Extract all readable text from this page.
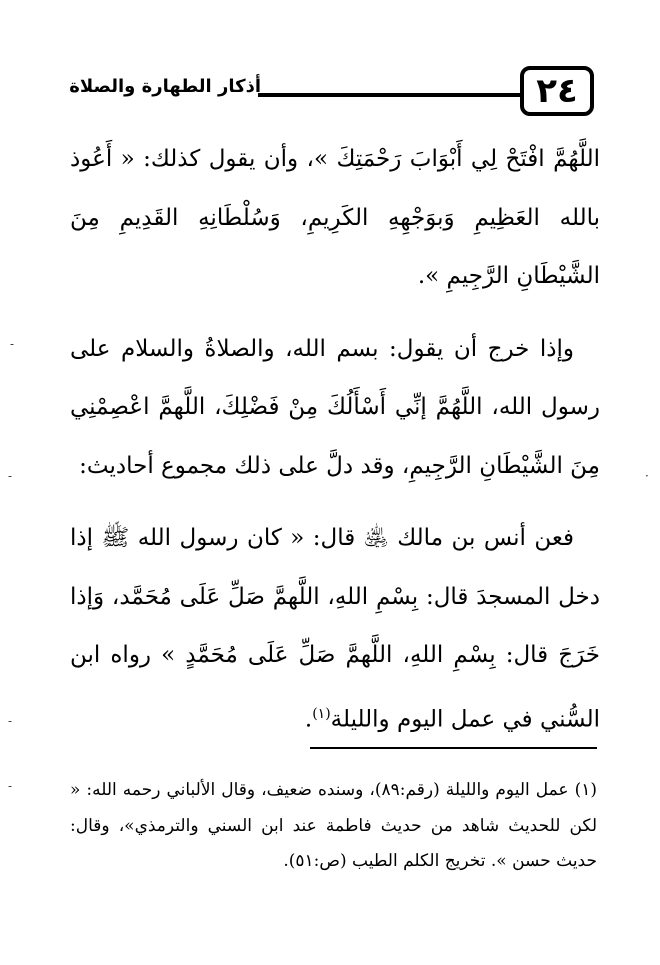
٢٤
أذكار الطهارة والصلاة

اللَّهُمَّ افْتَحْ لِي أَبْوَابَ رَحْمَتِكَ »، وأن يقول كذلك: « أَعُوذ بالله العَظِيمِ وَبوَجْهِهِ الكَرِيمِ، وَسُلْطَانِهِ القَدِيمِ مِنَ الشَّيْطَانِ الرَّجِيمِ ».

وإذا خرج أن يقول: بسم الله، والصلاةُ والسلام على رسول الله، اللَّهُمَّ إنِّي أَسْأَلُكَ مِنْ فَضْلِكَ، اللَّهمَّ اعْصِمْنِي مِنَ الشَّيْطَانِ الرَّجِيمِ، وقد دلَّ على ذلك مجموع أحاديث:

فعن أنس بن مالك ﵁ قال: « كان رسول الله ﷺ إذا دخل المسجدَ قال: بِسْمِ اللهِ، اللَّهمَّ صَلِّ عَلَى مُحَمَّد، وَإذا خَرَجَ قال: بِسْمِ اللهِ، اللَّهمَّ صَلِّ عَلَى مُحَمَّدٍ » رواه ابن السُّني في عمل اليوم والليلة$^{(١)}$.

(١) عمل اليوم والليلة (رقم:٨٩)، وسنده ضعيف، وقال الألباني رحمه الله: « لكن للحديث شاهد من حديث فاطمة عند ابن السني والترمذي»، وقال: حديث حسن ». تخريج الكلم الطيب (ص:٥١).

-
-
-
-
·
